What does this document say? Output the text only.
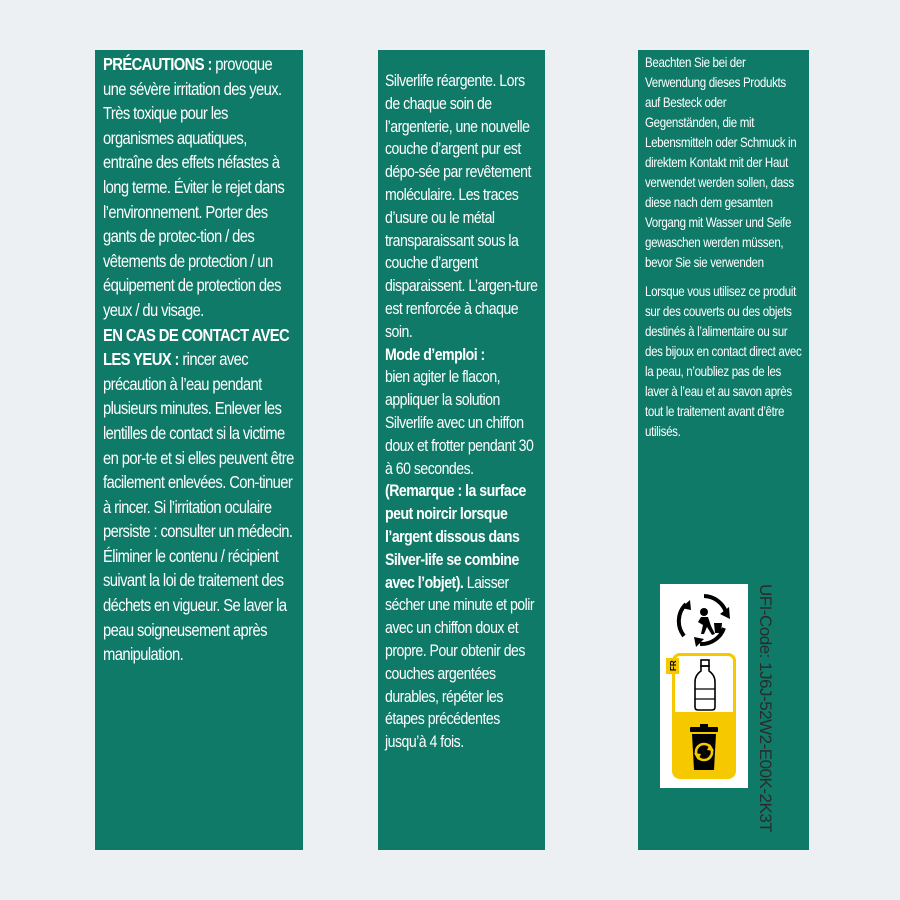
PRÉCAUTIONS : provoque une sévère irritation des yeux. Très toxique pour les organismes aquatiques, entraîne des effets néfastes à long terme. Éviter le rejet dans l’environnement. Porter des gants de protec-tion / des vêtements de protection / un équipement de protection des yeux / du visage.

EN CAS DE CONTACT AVEC LES YEUX : rincer avec précaution à l’eau pendant plusieurs minutes. Enlever les lentilles de contact si la victime en por-te et si elles peuvent être facilement enlevées. Con-tinuer à rincer. Si l’irritation oculaire persiste : consulter un médecin. Éliminer le contenu / récipient suivant la loi de traitement des déchets en vigueur. Se laver la peau soigneusement après manipulation.

Silverlife réargente. Lors de chaque soin de l’argenterie, une nouvelle couche d’argent pur est dépo-sée par revêtement moléculaire. Les traces d’usure ou le métal transparaissant sous la couche d’argent disparaissent. L’argen-ture est renforcée à chaque soin.

Mode d’emploi :

bien agiter le flacon, appliquer la solution Silverlife avec un chiffon doux et frotter pendant 30 à 60 secondes.

(Remarque : la surface peut noircir lorsque l’argent dissous dans Silver-life se combine avec l’objet). Laisser sécher une minute et polir avec un chiffon doux et propre. Pour obtenir des couches argentées durables, répéter les étapes précédentes jusqu’à 4 fois.

Beachten Sie bei der Verwendung dieses Produkts auf Besteck oder Gegenständen, die mit Lebensmitteln oder Schmuck in direktem Kontakt mit der Haut verwendet werden sollen, dass diese nach dem gesamten Vorgang mit Wasser und Seife gewaschen werden müssen, bevor Sie sie verwenden

Lorsque vous utilisez ce produit sur des couverts ou des objets destinés à l’alimentaire ou sur des bijoux en contact direct avec la peau, n’oubliez pas de les laver à l’eau et au savon après tout le traitement avant d’être utilisés.

FR	UFI-Code: 1J6J-52W2-E00K-2K3T
